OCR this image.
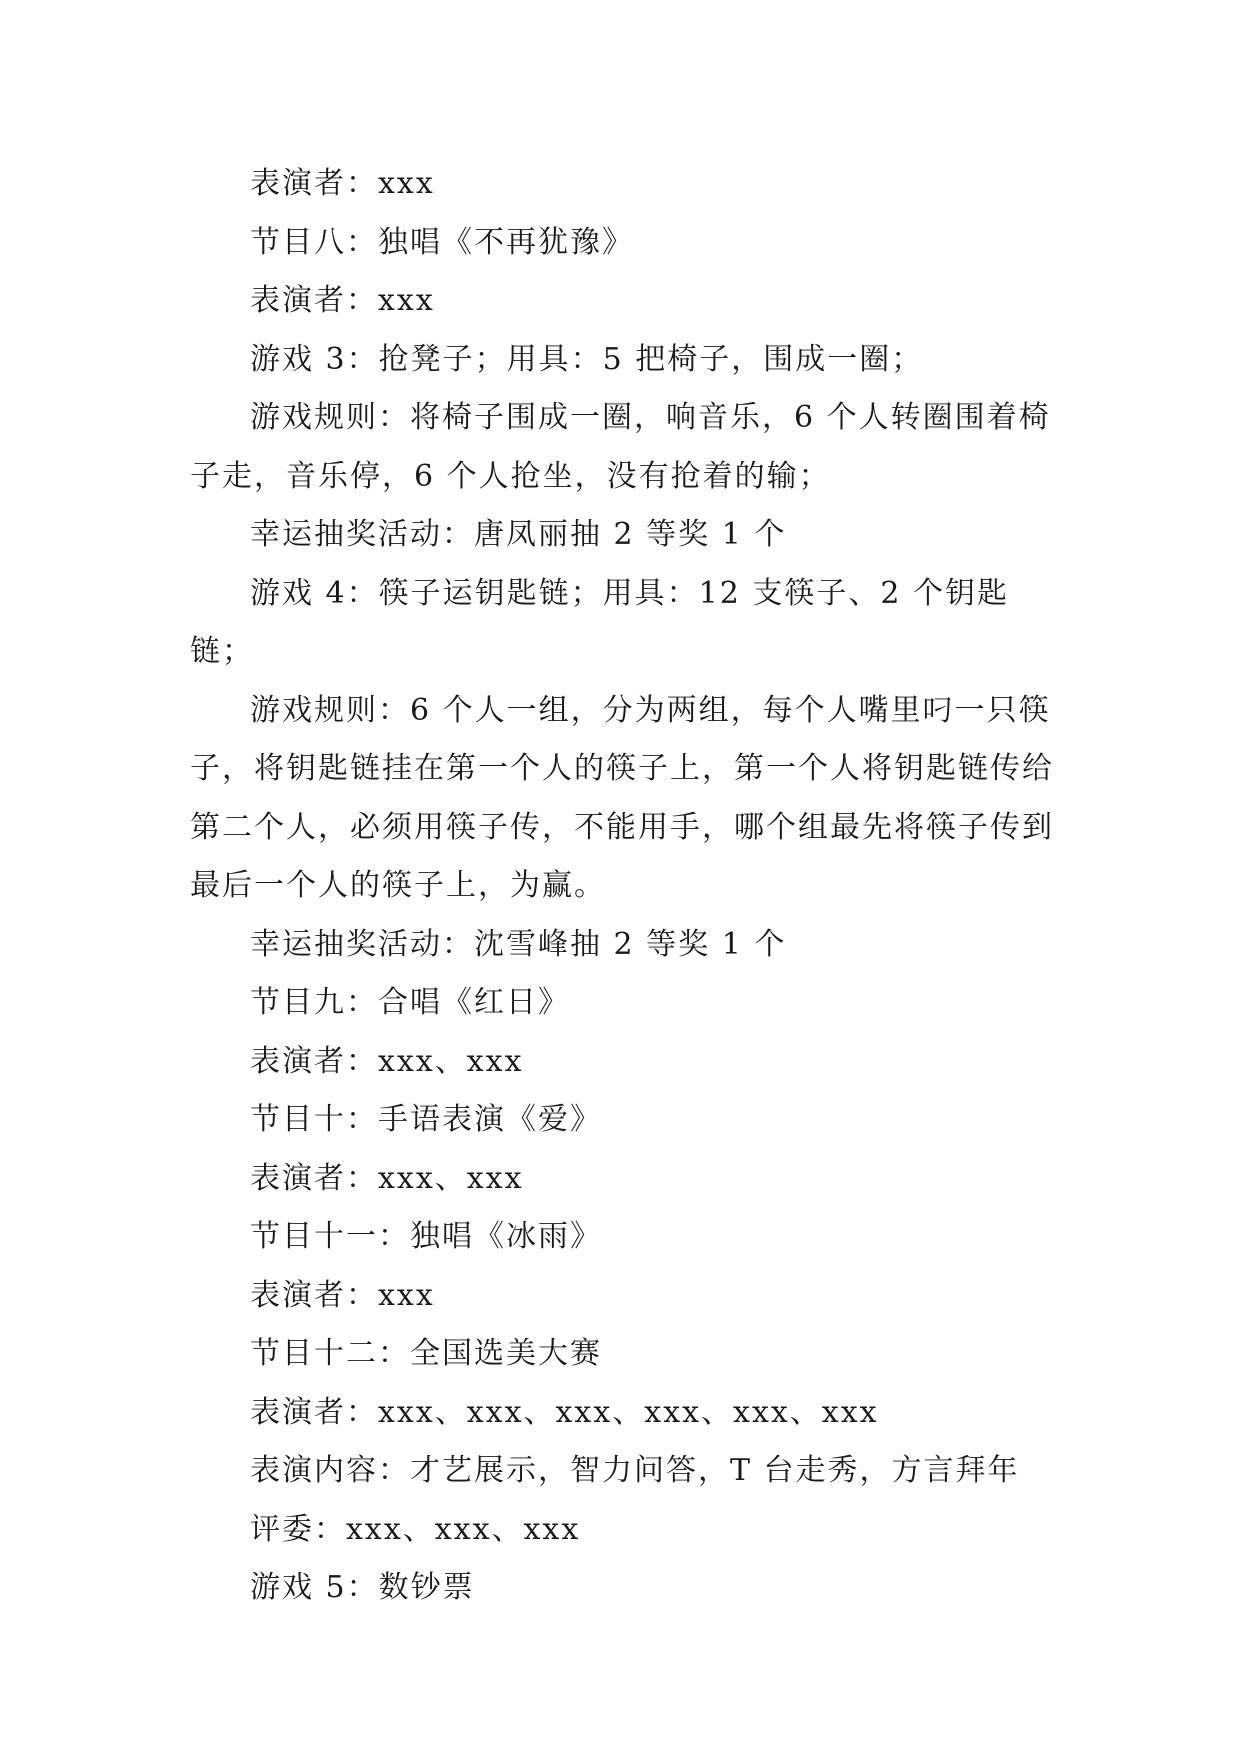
表演者：xxx

节目八：独唱《不再犹豫》

表演者：xxx

游戏 3：抢凳子；用具：5 把椅子，围成一圈；

游戏规则：将椅子围成一圈，响音乐，6 个人转圈围着椅子走，音乐停，6 个人抢坐，没有抢着的输；

幸运抽奖活动：唐凤丽抽 2 等奖 1 个

游戏 4：筷子运钥匙链；用具：12 支筷子、2 个钥匙链；

游戏规则：6 个人一组，分为两组，每个人嘴里叼一只筷子，将钥匙链挂在第一个人的筷子上，第一个人将钥匙链传给第二个人，必须用筷子传，不能用手，哪个组最先将筷子传到最后一个人的筷子上，为赢。

幸运抽奖活动：沈雪峰抽 2 等奖 1 个

节目九：合唱《红日》

表演者：xxx、xxx

节目十：手语表演《爱》

表演者：xxx、xxx

节目十一：独唱《冰雨》

表演者：xxx

节目十二：全国选美大赛

表演者：xxx、xxx、xxx、xxx、xxx、xxx

表演内容：才艺展示，智力问答，T 台走秀，方言拜年

评委：xxx、xxx、xxx

游戏 5：数钞票
